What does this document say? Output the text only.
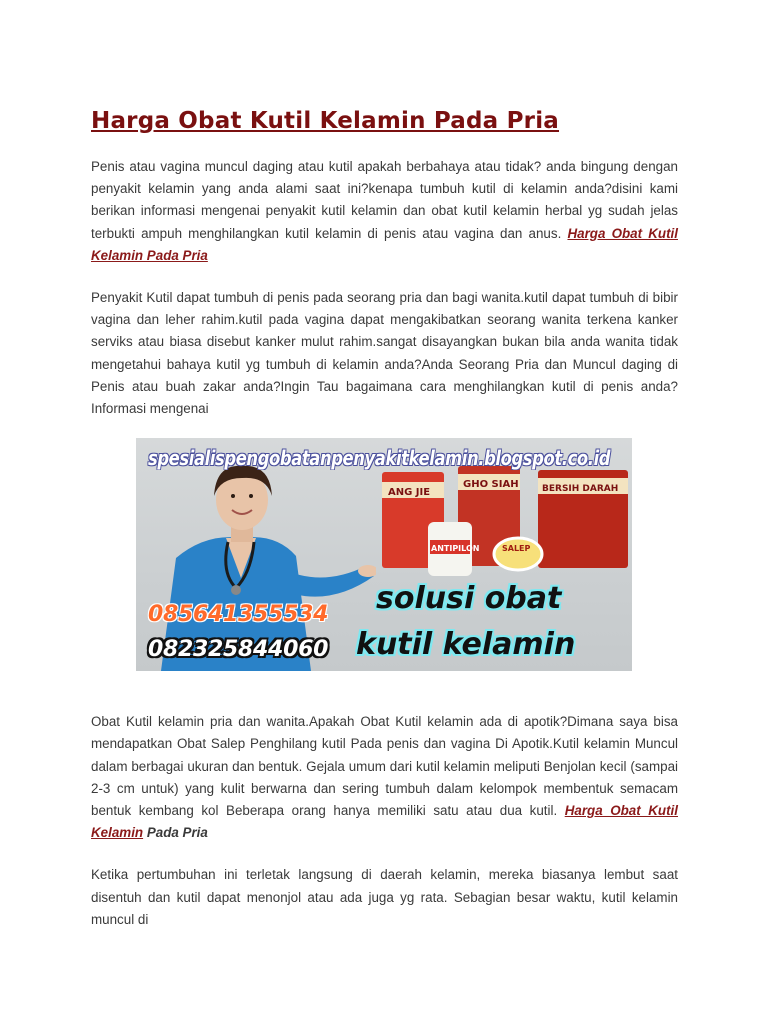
Harga Obat Kutil Kelamin Pada Pria

Penis atau vagina muncul daging atau kutil apakah berbahaya atau tidak? anda bingung dengan penyakit kelamin yang anda alami saat ini?kenapa tumbuh kutil di kelamin anda?disini kami berikan informasi mengenai penyakit kutil kelamin dan obat kutil kelamin herbal yg sudah jelas terbukti ampuh menghilangkan kutil kelamin di penis atau vagina dan anus. Harga Obat Kutil Kelamin Pada Pria

Penyakit Kutil dapat tumbuh di penis pada seorang pria dan bagi wanita.kutil dapat tumbuh di bibir vagina dan leher rahim.kutil pada vagina dapat mengakibatkan seorang wanita terkena kanker serviks atau biasa disebut kanker mulut rahim.sangat disayangkan bukan bila anda wanita tidak mengetahui bahaya kutil yg tumbuh di kelamin anda?Anda Seorang Pria dan Muncul daging di Penis atau buah zakar anda?Ingin Tau bagaimana cara menghilangkan kutil di penis anda?Informasi mengenai

ANG JIE
GHO SIAH	BERSIH DARAH
ANTIPILON	SALEP
spesialispengobatanpenyakitkelamin.blogspot.co.id
085641355534
082325844060
solusi obat
kutil kelamin

Obat Kutil kelamin pria dan wanita.Apakah Obat Kutil kelamin ada di apotik?Dimana saya bisa mendapatkan Obat Salep Penghilang kutil Pada penis dan vagina Di Apotik.Kutil kelamin Muncul dalam berbagai ukuran dan bentuk. Gejala umum dari kutil kelamin meliputi Benjolan kecil (sampai 2-3 cm untuk) yang kulit berwarna dan sering tumbuh dalam kelompok membentuk semacam bentuk kembang kol Beberapa orang hanya memiliki satu atau dua kutil. Harga Obat Kutil Kelamin Pada Pria

Ketika pertumbuhan ini terletak langsung di daerah kelamin, mereka biasanya lembut saat disentuh dan kutil dapat menonjol atau ada juga yg rata. Sebagian besar waktu, kutil kelamin muncul di
